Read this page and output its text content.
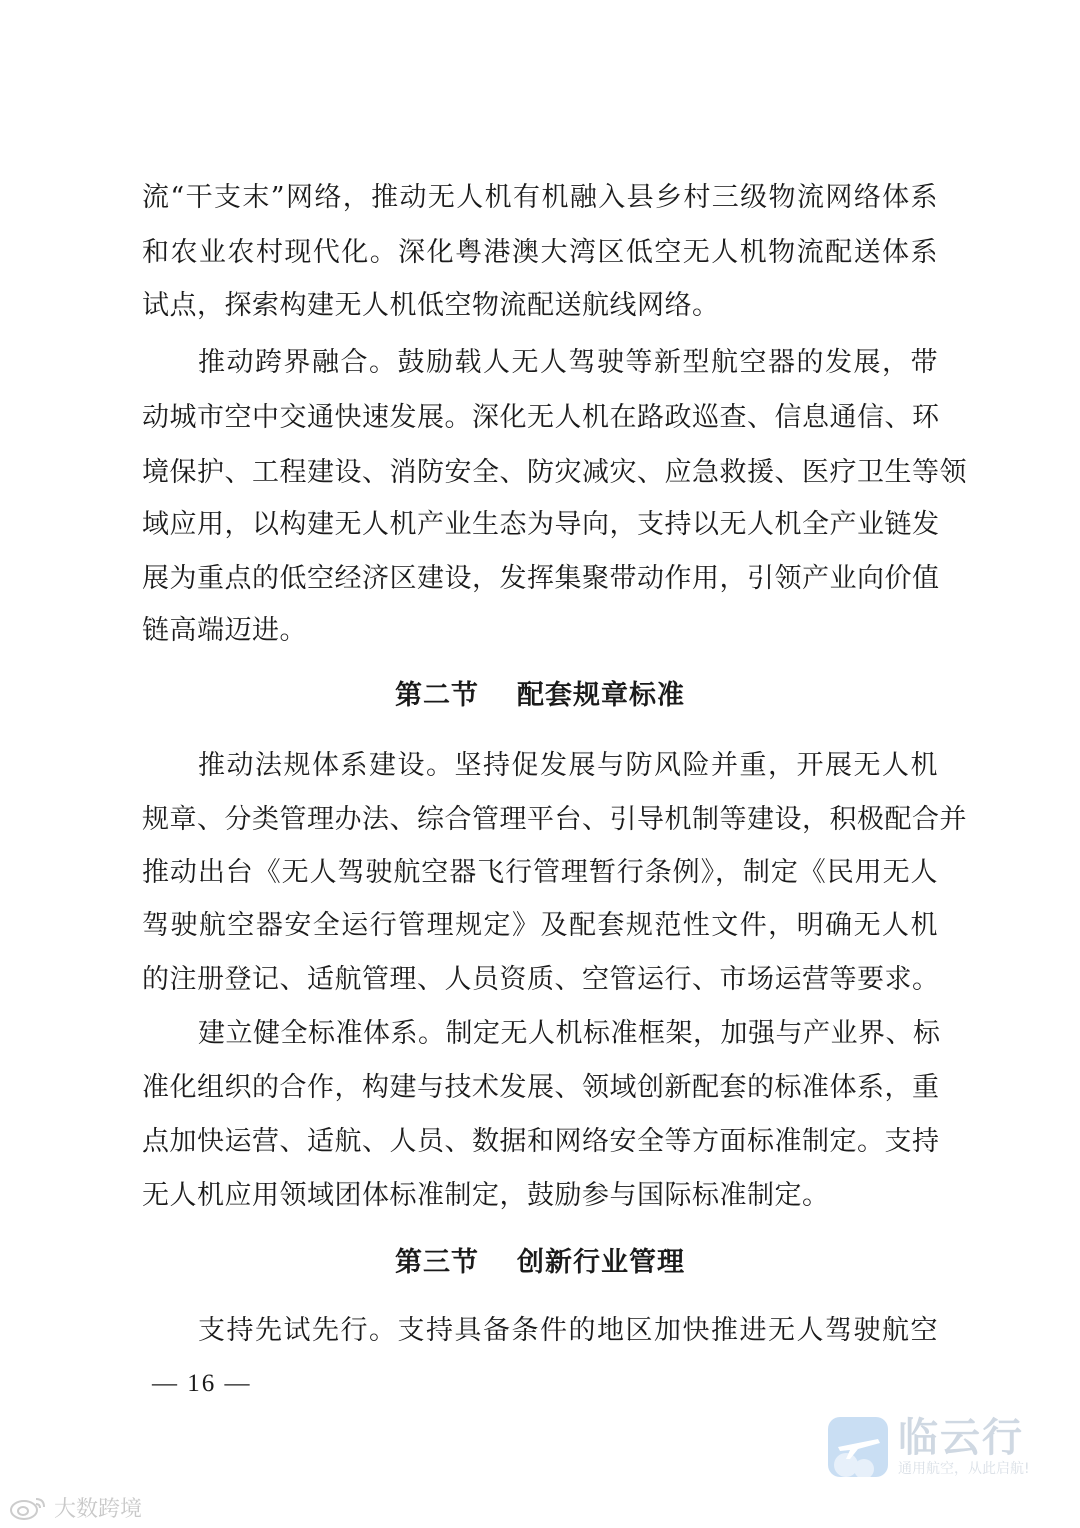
流“干支末”网络，推动无人机有机融入县乡村三级物流网络体系
和农业农村现代化。深化粤港澳大湾区低空无人机物流配送体系
试点，探索构建无人机低空物流配送航线网络。
推动跨界融合。鼓励载人无人驾驶等新型航空器的发展，带
动城市空中交通快速发展。深化无人机在路政巡查、信息通信、环
境保护、工程建设、消防安全、防灾减灾、应急救援、医疗卫生等领
域应用，以构建无人机产业生态为导向，支持以无人机全产业链发
展为重点的低空经济区建设，发挥集聚带动作用，引领产业向价值
链高端迈进。
第二节 配套规章标准
推动法规体系建设。坚持促发展与防风险并重，开展无人机
规章、分类管理办法、综合管理平台、引导机制等建设，积极配合并
推动出台《无人驾驶航空器飞行管理暂行条例》，制定《民用无人
驾驶航空器安全运行管理规定》及配套规范性文件，明确无人机
的注册登记、适航管理、人员资质、空管运行、市场运营等要求。
建立健全标准体系。制定无人机标准框架，加强与产业界、标
准化组织的合作，构建与技术发展、领域创新配套的标准体系，重
点加快运营、适航、人员、数据和网络安全等方面标准制定。支持
无人机应用领域团体标准制定，鼓励参与国际标准制定。
第三节 创新行业管理
支持先试先行。支持具备条件的地区加快推进无人驾驶航空
— 16 —
大数跨境
临云行
通用航空，从此启航!
